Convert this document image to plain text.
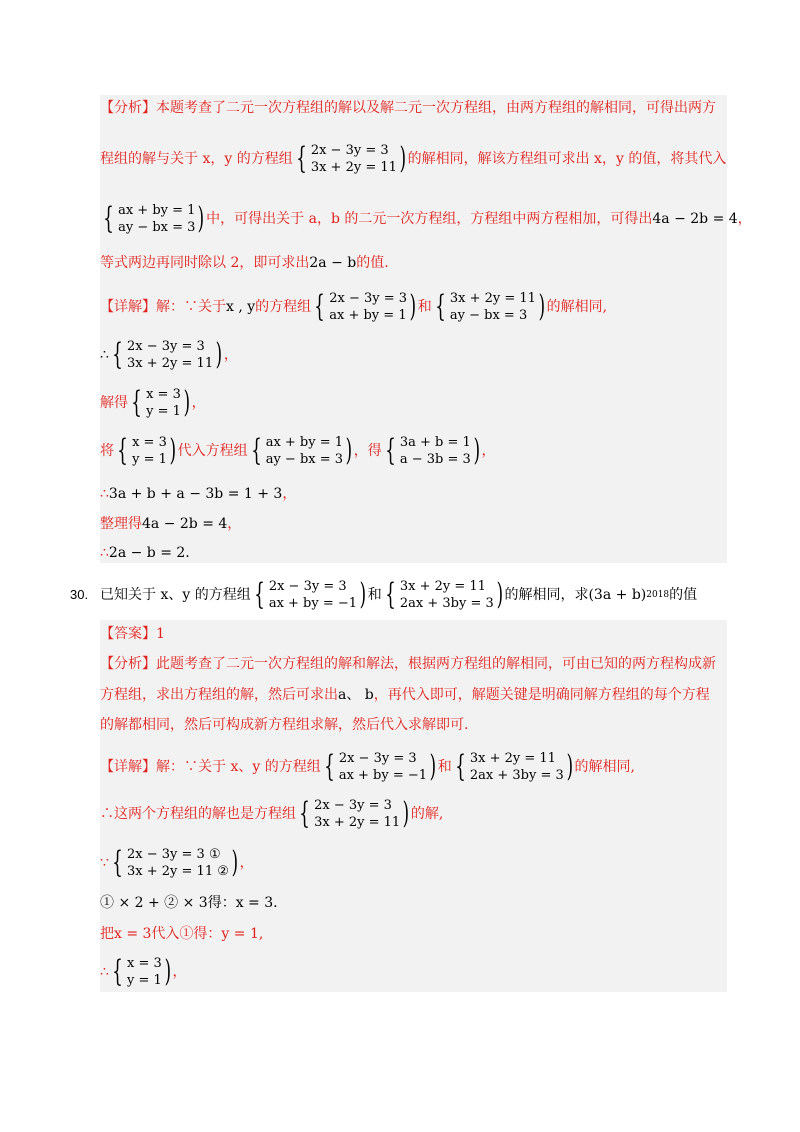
【分析】本题考查了二元一次方程组的解以及解二元一次方程组，由两方程组的解相同，可得出两方
程组的解与关于 x，y 的方程组 { 2x − 3y = 3
3x + 2y = 11 ) 的解相同，解该方程组可求出 x，y 的值，将其代入
{ ax + by = 1
ay − bx = 3 ) 中，可得出关于 a，b 的二元一次方程组，方程组中两方程相加，可得出 4a − 2b = 4 ，
等式两边再同时除以 2，即可求出 2a − b 的值.
【详解】解：∵关于 x , y 的方程组 { 2x − 3y = 3
ax + by = 1 ) 和 { 3x + 2y = 11
ay − bx = 3 ) 的解相同,
∴ { 2x − 3y = 3
3x + 2y = 11 ) ，
解得 { x = 3
y = 1 ) ，
将 { x = 3
y = 1 ) 代入方程组 { ax + by = 1
ay − bx = 3 ) ，得 { 3a + b = 1
a − 3b = 3 ) ，
∴ 3a + b + a − 3b = 1 + 3 ，
整理得 4a − 2b = 4 ，
∴ 2a − b = 2.
30. 已知关于 x、y 的方程组 { 2x − 3y = 3
ax + by = −1 ) 和 { 3x + 2y = 11
2ax + 3by = 3 ) 的解相同，求 (3a + b) 2018 的值
【答案】1
【分析】此题考查了二元一次方程组的解和解法，根据两方程组的解相同，可由已知的两方程构成新
方程组，求出方程组的解，然后可求出 a、 b ，再代入即可，解题关键是明确同解方程组的每个方程
的解都相同，然后可构成新方程组求解，然后代入求解即可.
【详解】解：∵关于 x、y 的方程组 { 2x − 3y = 3
ax + by = −1 ) 和 { 3x + 2y = 11
2ax + 3by = 3 ) 的解相同,
∴这两个方程组的解也是方程组 { 2x − 3y = 3
3x + 2y = 11 ) 的解,
∵ { 2x − 3y = 3 ①
3x + 2y = 11 ② ) ，
① × 2 + ② × 3得：x = 3.
把x = 3代入①得：y = 1,
∴ { x = 3
y = 1 ) ，
